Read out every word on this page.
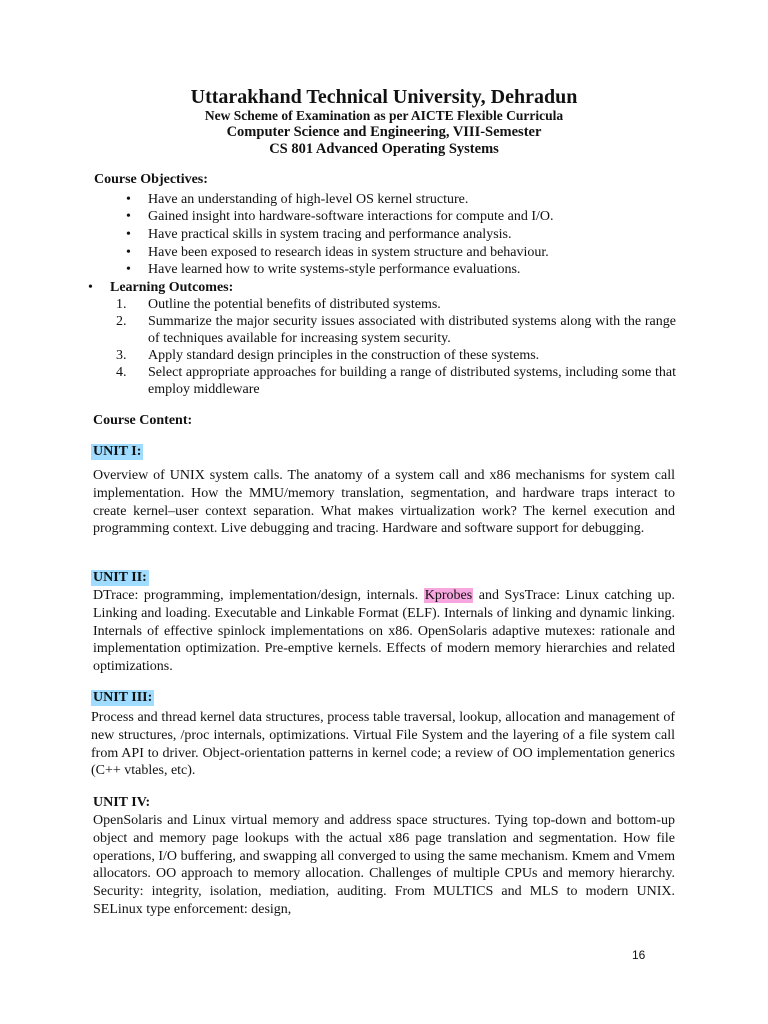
Uttarakhand Technical University, Dehradun
New Scheme of Examination as per AICTE Flexible Curricula
Computer Science and Engineering, VIII-Semester
CS 801 Advanced Operating Systems
Course Objectives:
• Have an understanding of high-level OS kernel structure.
• Gained insight into hardware-software interactions for compute and I/O.
• Have practical skills in system tracing and performance analysis.
• Have been exposed to research ideas in system structure and behaviour.
• Have learned how to write systems-style performance evaluations.
• Learning Outcomes:
1. Outline the potential benefits of distributed systems.
2. Summarize the major security issues associated with distributed systems along with the range of techniques available for increasing system security.
3. Apply standard design principles in the construction of these systems.
4. Select appropriate approaches for building a range of distributed systems, including some that employ middleware
Course Content:
UNIT I:
Overview of UNIX system calls. The anatomy of a system call and x86 mechanisms for system call implementation. How the MMU/memory translation, segmentation, and hardware traps interact to create kernel–user context separation. What makes virtualization work? The kernel execution and programming context. Live debugging and tracing. Hardware and software support for debugging.
UNIT II:
DTrace: programming, implementation/design, internals. Kprobes and SysTrace: Linux catching up. Linking and loading. Executable and Linkable Format (ELF). Internals of linking and dynamic linking. Internals of effective spinlock implementations on x86. OpenSolaris adaptive mutexes: rationale and implementation optimization. Pre-emptive kernels. Effects of modern memory hierarchies and related optimizations.
UNIT III:
Process and thread kernel data structures, process table traversal, lookup, allocation and management of new structures, /proc internals, optimizations. Virtual File System and the layering of a file system call from API to driver. Object-orientation patterns in kernel code; a review of OO implementation generics (C++ vtables, etc).
UNIT IV:
OpenSolaris and Linux virtual memory and address space structures. Tying top-down and bottom-up object and memory page lookups with the actual x86 page translation and segmentation. How file operations, I/O buffering, and swapping all converged to using the same mechanism. Kmem and Vmem allocators. OO approach to memory allocation. Challenges of multiple CPUs and memory hierarchy. Security: integrity, isolation, mediation, auditing. From MULTICS and MLS to modern UNIX. SELinux type enforcement: design,
16
